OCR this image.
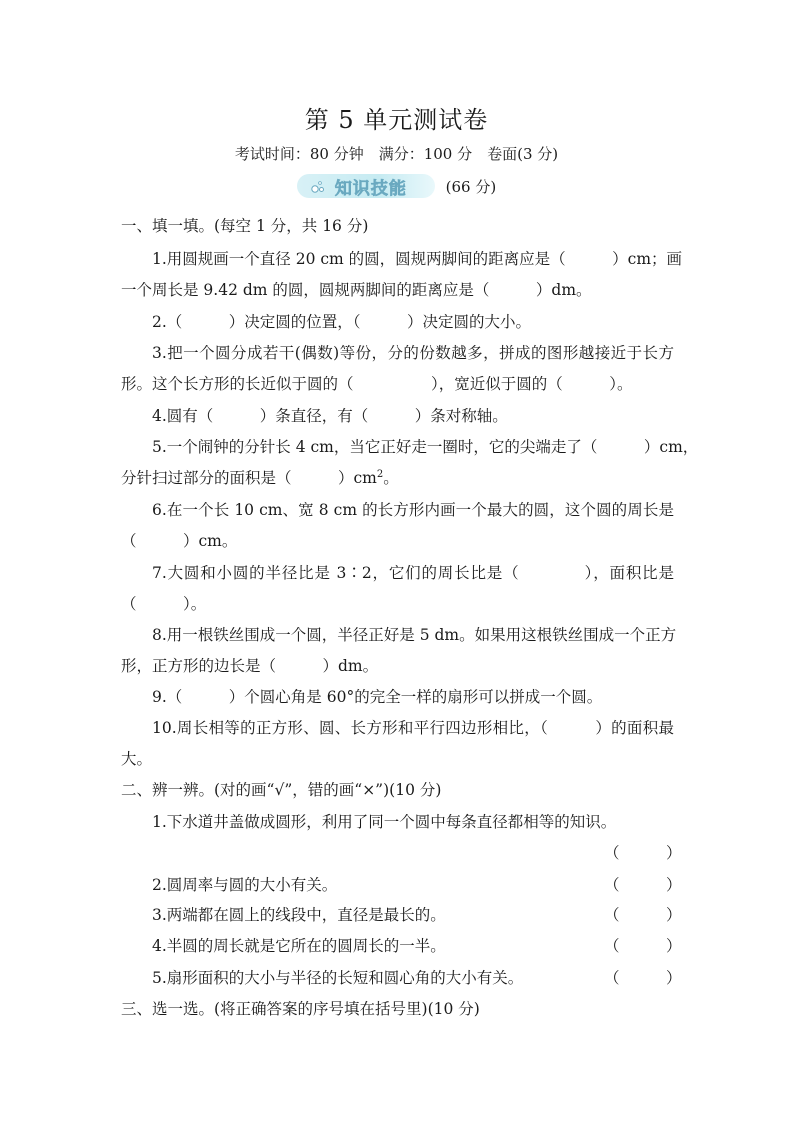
第 5 单元测试卷
考试时间：80 分钟　满分：100 分　卷面(3 分)
知识技能	(66 分)
一、填一填。(每空 1 分，共 16 分)
1.用圆规画一个直径 20 cm 的圆，圆规两脚间的距离应是（　　　）cm；画
一个周长是 9.42 dm 的圆，圆规两脚间的距离应是（　　　）dm。
2.（　　　）决定圆的位置，（　　　）决定圆的大小。
3.把一个圆分成若干(偶数)等份，分的份数越多，拼成的图形越接近于长方
形。这个长方形的长近似于圆的（　　　　　），宽近似于圆的（　　　）。
4.圆有（　　　）条直径，有（　　　）条对称轴。
5.一个闹钟的分针长 4 cm，当它正好走一圈时，它的尖端走了（　　　）cm，
分针扫过部分的面积是（　　　）$cm^2$。
6.在一个长 10 cm、宽 8 cm 的长方形内画一个最大的圆，这个圆的周长是
（　　　）cm。
7.大圆和小圆的半径比是 3∶2，它们的周长比是（　　　　），面积比是
（　　　）。
8.用一根铁丝围成一个圆，半径正好是 5 dm。如果用这根铁丝围成一个正方
形，正方形的边长是（　　　）dm。
9.（　　　）个圆心角是 60°的完全一样的扇形可以拼成一个圆。
10.周长相等的正方形、圆、长方形和平行四边形相比，（　　　）的面积最
大。
二、辨一辨。(对的画“√”，错的画“×”)(10 分)
1.下水道井盖做成圆形，利用了同一个圆中每条直径都相等的知识。
（　　　）
2.圆周率与圆的大小有关。	（　　　）
3.两端都在圆上的线段中，直径是最长的。	（　　　）
4.半圆的周长就是它所在的圆周长的一半。	（　　　）
5.扇形面积的大小与半径的长短和圆心角的大小有关。	（　　　）
三、选一选。(将正确答案的序号填在括号里)(10 分)
